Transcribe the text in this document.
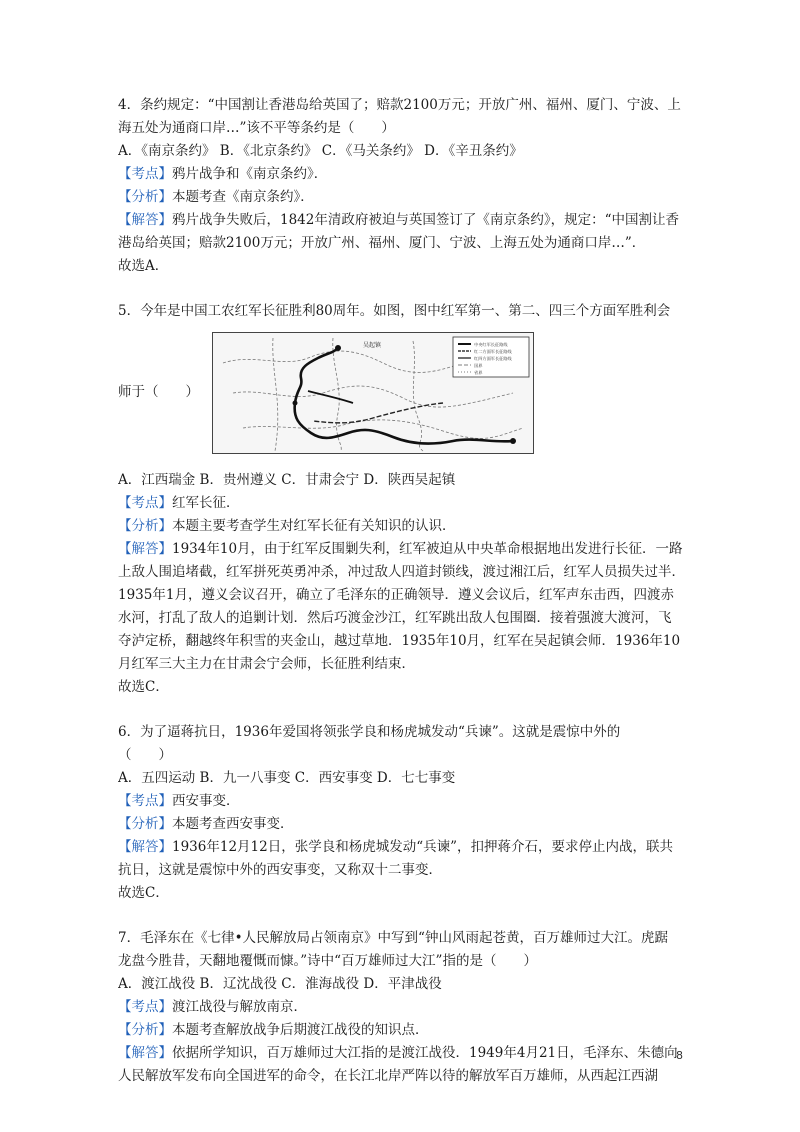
4．条约规定：“中国割让香港岛给英国了；赔款2100万元；开放广州、福州、厦门、宁波、上
海五处为通商口岸…”该不平等条约是（　　）
A．《南京条约》 B．《北京条约》 C．《马关条约》 D．《辛丑条约》
【考点】鸦片战争和《南京条约》．
【分析】本题考查《南京条约》．
【解答】鸦片战争失败后，1842年清政府被迫与英国签订了《南京条约》，规定：“中国割让香
港岛给英国；赔款2100万元；开放广州、福州、厦门、宁波、上海五处为通商口岸…”．
故选A．
5．今年是中国工农红军长征胜利80周年。如图，图中红军第一、第二、四三个方面军胜利会
师于（　　）
中央红军长征路线
红二方面军长征路线
红四方面军长征路线
国界
省界
吴起镇
A．江西瑞金 B．贵州遵义 C．甘肃会宁 D．陕西吴起镇
【考点】红军长征．
【分析】本题主要考查学生对红军长征有关知识的认识．
【解答】1934年10月，由于红军反围剿失利，红军被迫从中央革命根据地出发进行长征．一路
上敌人围追堵截，红军拼死英勇冲杀，冲过敌人四道封锁线，渡过湘江后，红军人员损失过半．
1935年1月，遵义会议召开，确立了毛泽东的正确领导．遵义会议后，红军声东击西，四渡赤
水河，打乱了敌人的追剿计划．然后巧渡金沙江，红军跳出敌人包围圈．接着强渡大渡河，飞
夺泸定桥，翻越终年积雪的夹金山，越过草地．1935年10月，红军在吴起镇会师．1936年10
月红军三大主力在甘肃会宁会师，长征胜利结束．
故选C．
6．为了逼蒋抗日，1936年爱国将领张学良和杨虎城发动“兵谏”。这就是震惊中外的
（　　）
A．五四运动 B．九一八事变 C．西安事变 D．七七事变
【考点】西安事变．
【分析】本题考查西安事变．
【解答】1936年12月12日，张学良和杨虎城发动“兵谏”，扣押蒋介石，要求停止内战，联共
抗日，这就是震惊中外的西安事变，又称双十二事变．
故选C．
7．毛泽东在《七律•人民解放局占领南京》中写到“钟山风雨起苍黄，百万雄师过大江。虎踞
龙盘今胜昔，天翻地覆慨而慷。”诗中“百万雄师过大江”指的是（　　）
A．渡江战役 B．辽沈战役 C．淮海战役 D．平津战役
【考点】渡江战役与解放南京．
【分析】本题考查解放战争后期渡江战役的知识点．
【解答】依据所学知识，百万雄师过大江指的是渡江战役．1949年4月21日，毛泽东、朱德向
人民解放军发布向全国进军的命令，在长江北岸严阵以待的解放军百万雄师，从西起江西湖
8
